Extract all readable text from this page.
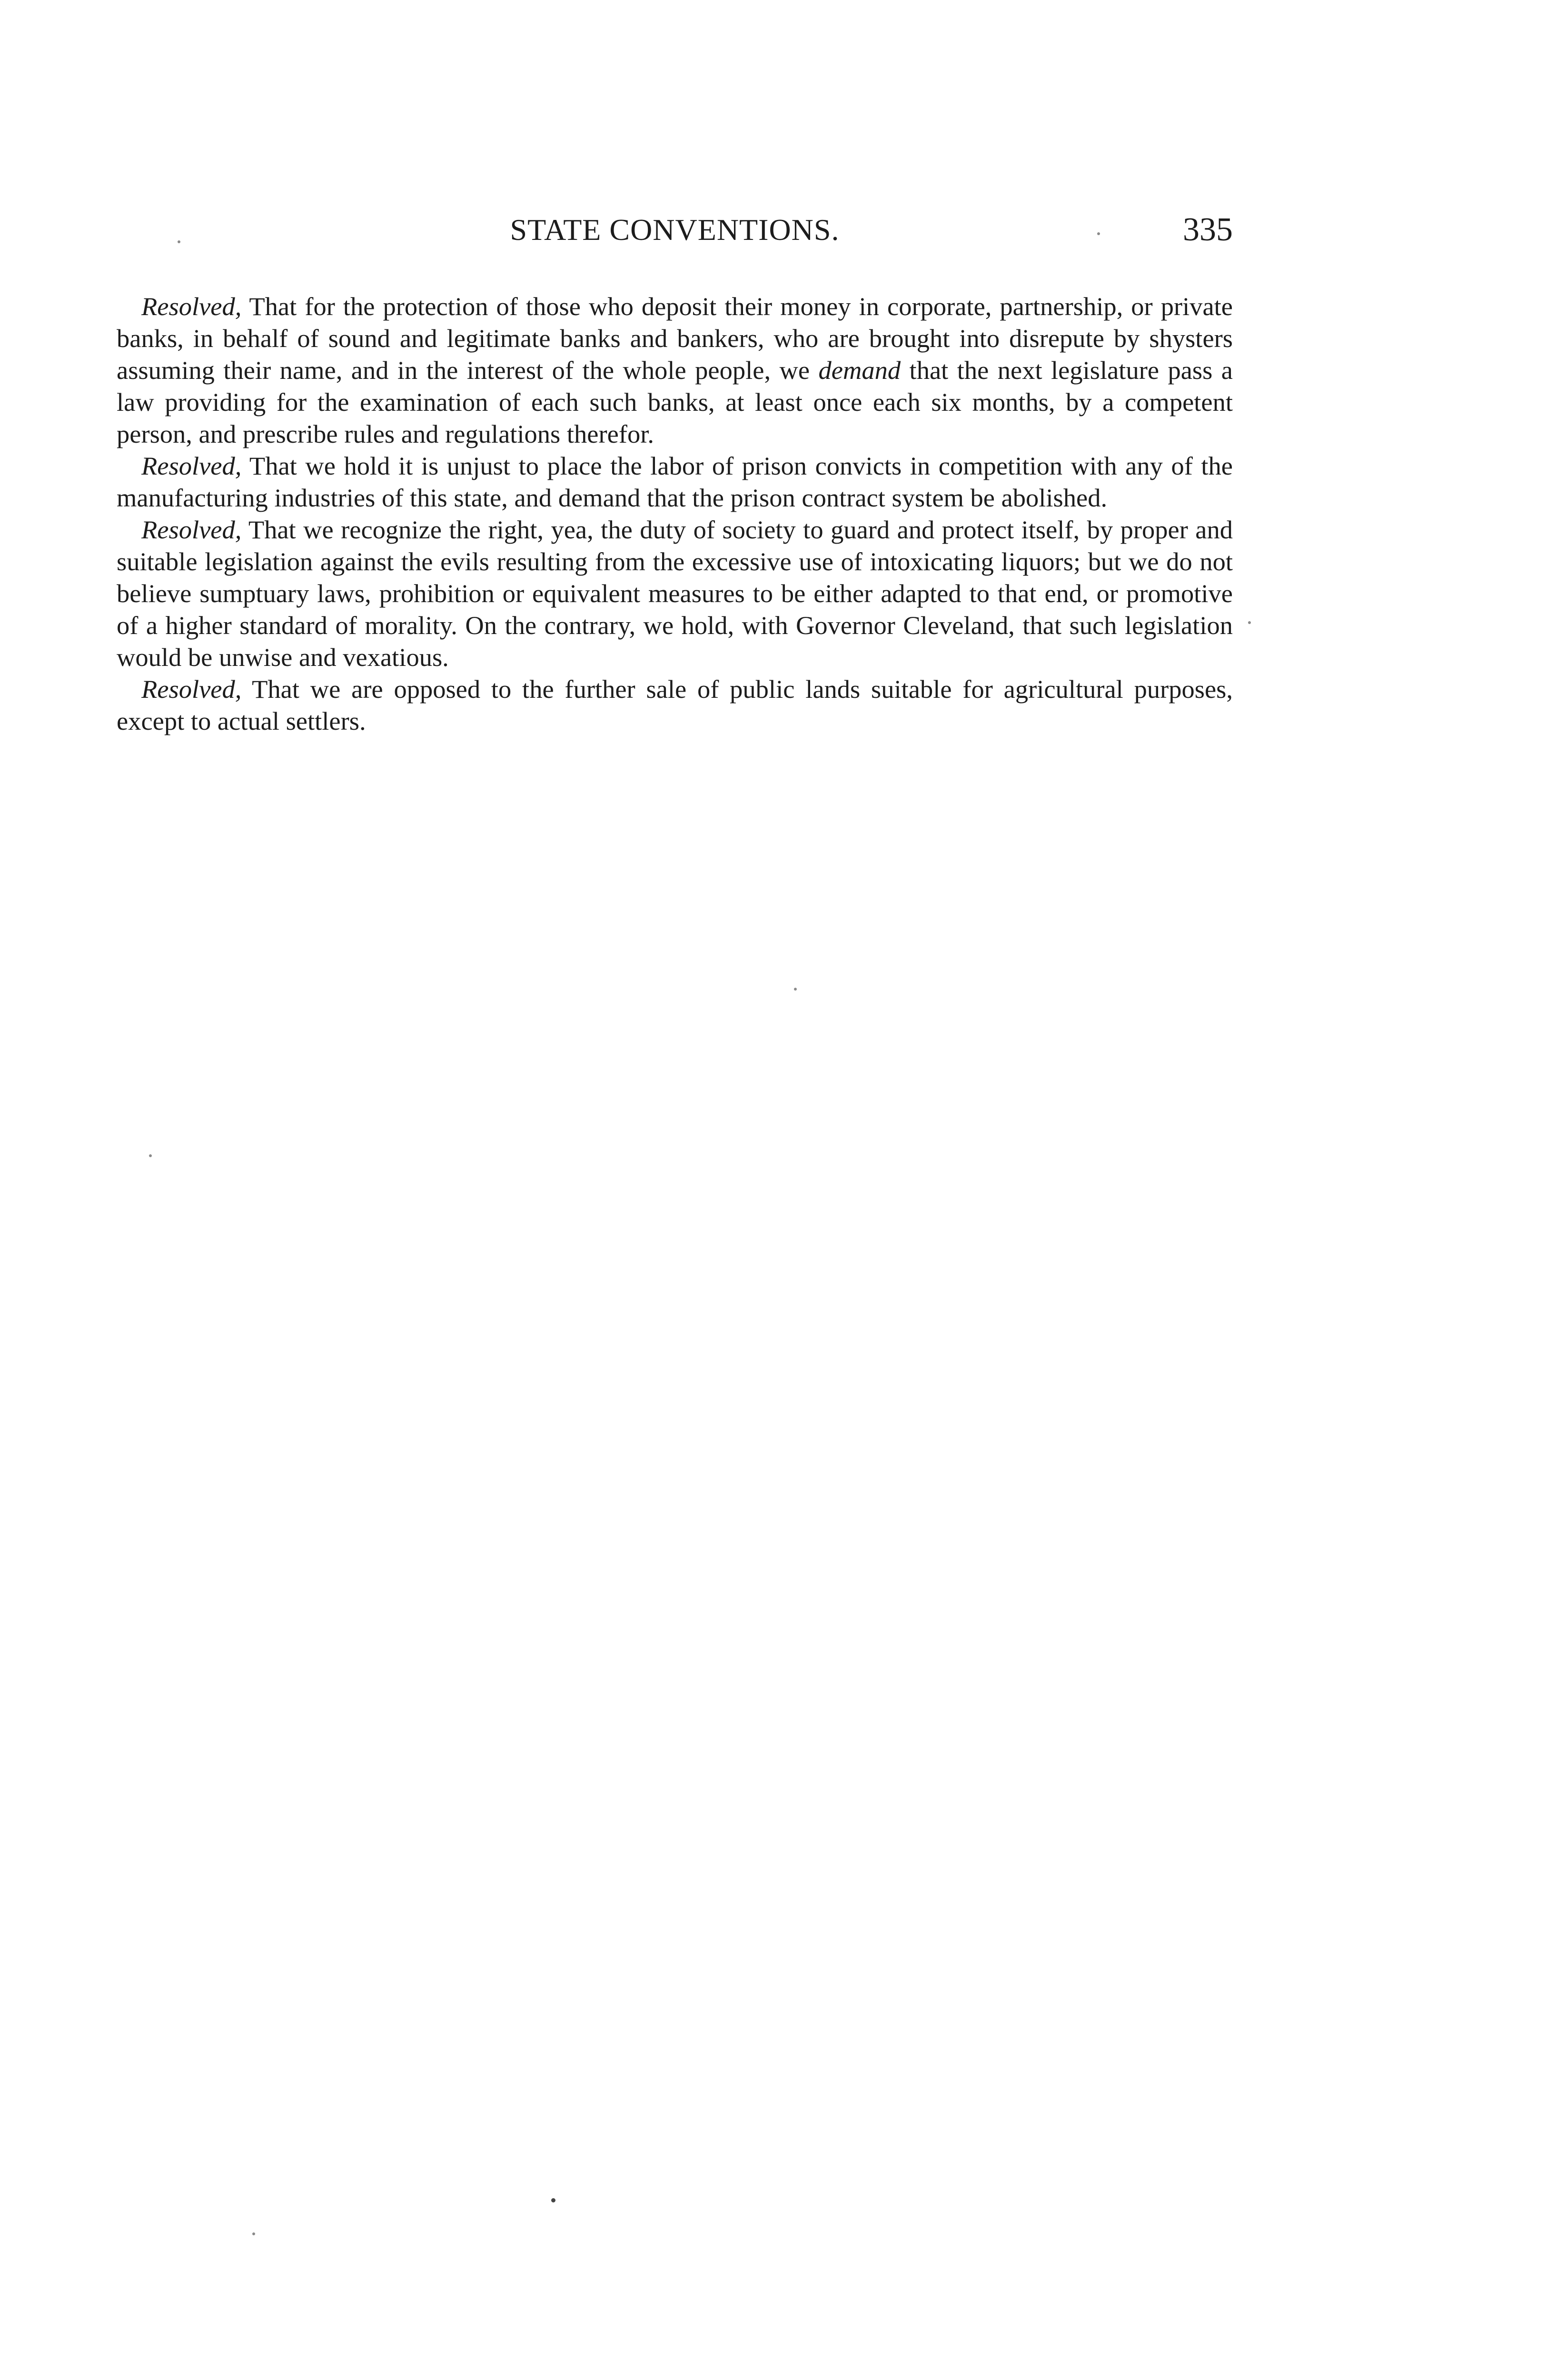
STATE CONVENTIONS.	335

Resolved, That for the protection of those who deposit their money in corporate, partnership, or private banks, in behalf of sound and legitimate banks and bankers, who are brought into disrepute by shysters assuming their name, and in the interest of the whole people, we demand that the next legislature pass a law providing for the examination of each such banks, at least once each six months, by a competent person, and prescribe rules and regulations therefor.

Resolved, That we hold it is unjust to place the labor of prison convicts in competition with any of the manufacturing industries of this state, and demand that the prison contract system be abolished.

Resolved, That we recognize the right, yea, the duty of society to guard and protect itself, by proper and suitable legislation against the evils resulting from the excessive use of intoxicating liquors; but we do not believe sumptuary laws, prohibition or equivalent measures to be either adapted to that end, or promotive of a higher standard of morality. On the contrary, we hold, with Governor Cleveland, that such legislation would be unwise and vexatious.

Resolved, That we are opposed to the further sale of public lands suitable for agricultural purposes, except to actual settlers.
